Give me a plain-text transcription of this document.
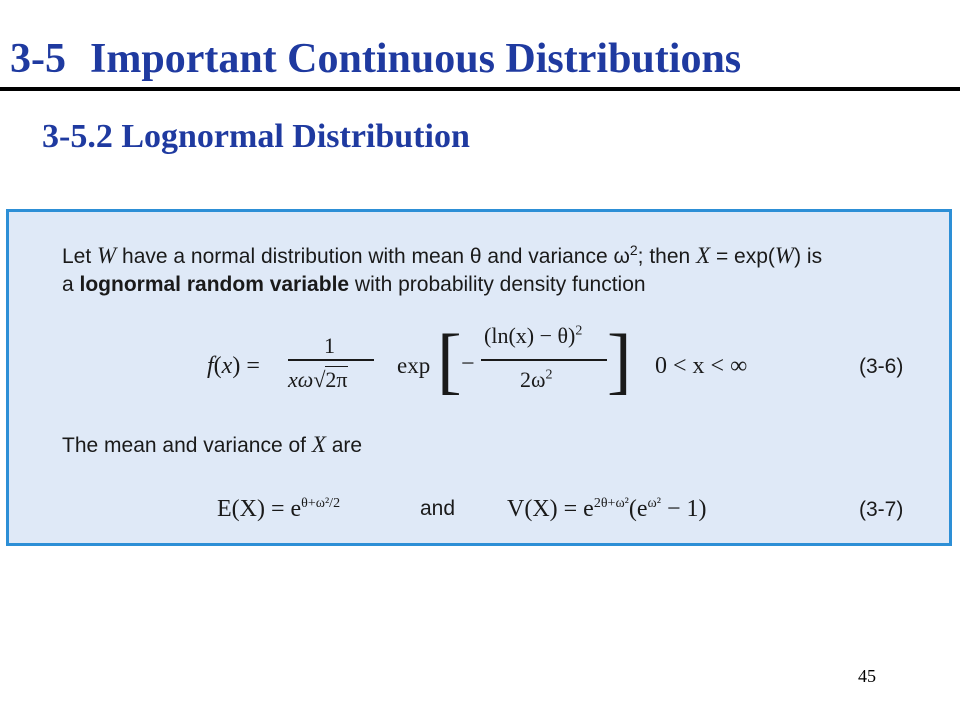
3-5 Important Continuous Distributions
3-5.2 Lognormal Distribution
Let W have a normal distribution with mean θ and variance $\omega^2$; then X = exp(W) is
a lognormal random variable with probability density function
f(x) =
1
xω√2π
exp [ −
$(\ln(x) - \theta)^2$
$2\omega^2$ ] 0 < x < ∞	(3-6)
The mean and variance of X are
$E(X) = e^{\theta+\omega^2/2}$	and $V(X) = e^{2\theta+\omega^2}(e^{\omega^2} - 1)$	(3-7)
45
